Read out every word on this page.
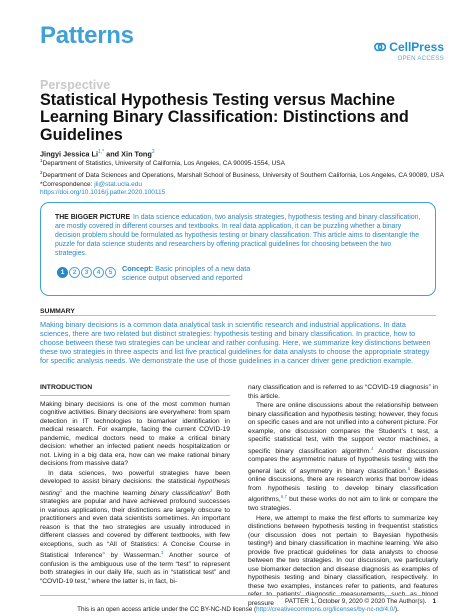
Patterns	CellPress
OPEN ACCESS
Perspective
Statistical Hypothesis Testing versus Machine Learning Binary Classification: Distinctions and Guidelines
Jingyi Jessica $Li^{1,*}$ and Xin Tong$^2$
$^1$Department of Statistics, University of California, Los Angeles, CA 90095-1554, USA
$^2$Department of Data Sciences and Operations, Marshall School of Business, University of Southern California, Los Angeles, CA 90089, USA
*Correspondence: jli@stat.ucla.edu
https://doi.org/10.1016/j.patter.2020.100115
THE BIGGER PICTURE In data science education, two analysis strategies, hypothesis testing and binary classification, are mostly covered in different courses and textbooks. In real data application, it can be puzzling whether a binary decision problem should be formulated as hypothesis testing or binary classification. This article aims to disentangle the puzzle for data science students and researchers by offering practical guidelines for choosing between the two strategies.
1	2	3	4	5	Concept: Basic principles of a new data science output observed and reported
SUMMARY
Making binary decisions is a common data analytical task in scientific research and industrial applications. In data sciences, there are two related but distinct strategies: hypothesis testing and binary classification. In practice, how to choose between these two strategies can be unclear and rather confusing. Here, we summarize key distinctions between these two strategies in three aspects and list five practical guidelines for data analysts to choose the appropriate strategy for specific analysis needs. We demonstrate the use of those guidelines in a cancer driver gene prediction example.
INTRODUCTION

Making binary decisions is one of the most common human cognitive activities. Binary decisions are everywhere: from spam detection in IT technologies to biomarker identification in medical research. For example, facing the current COVID-19 pandemic, medical doctors need to make a critical binary decision: whether an infected patient needs hospitalization or not. Living in a big data era, how can we make rational binary decisions from massive data?

In data sciences, two powerful strategies have been developed to assist binary decisions: the statistical hypothesis testing$^1$ and the machine learning binary classification$^2$ Both strategies are popular and have achieved profound successes in various applications, their distinctions are largely obscure to practitioners and even data scientists sometimes. An important reason is that the two strategies are usually introduced in different classes and covered by different textbooks, with few exceptions, such as “All of Statistics: A Concise Course in Statistical Inference” by Wasserman.$^3$ Another source of confusion is the ambiguous use of the term “test” to represent both strategies in our daily life, such as in “statistical test” and “COVID-19 test,” where the latter is, in fact, bi-

nary classification and is referred to as “COVID-19 diagnosis” in this article.

There are online discussions about the relationship between binary classification and hypothesis testing; however, they focus on specific cases and are not unified into a coherent picture. For example, one discussion compares the Student’s t test, a specific statistical test, with the support vector machines, a specific binary classification algorithm.$^4$ Another discussion compares the asymmetric nature of hypothesis testing with the general lack of asymmetry in binary classification.$^5$ Besides online discussions, there are research works that borrow ideas from hypothesis testing to develop binary classification algorithms,$^{6,7}$ but these works do not aim to link or compare the two strategies.

Here, we attempt to make the first efforts to summarize key distinctions between hypothesis testing in frequentist statistics (our discussion does not pertain to Bayesian hypothesis testing⁸) and binary classification in machine learning. We also provide five practical guidelines for data analysts to choose between the two strategies. In our discussion, we particularly use biomarker detection and disease diagnosis as examples of hypothesis testing and binary classification, respectively. In these two examples, instances refer to patients, and features refer to patients’ diagnostic measurements, such as blood pressure	PATTER 1, October 9, 2020 © 2020 The Author(s). 1
This is an open access article under the CC BY-NC-ND license (http://creativecommons.org/licenses/by-nc-nd/4.0/).
